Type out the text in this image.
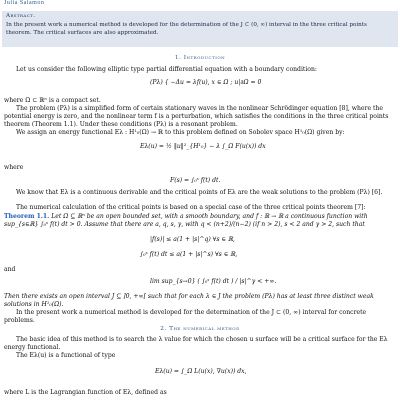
Julia Salamon
Abstract.
In the present work a numerical method is developed for the determination of the J ⊂ (0, ∞) interval in the three critical points theorem. The critical surfaces are also approximated.
1. Introduction
Let us consider the following elliptic type partial differential equation with a boundary condition:
(Pλ) { −Δu = λf(u), x ∈ Ω ; u|∂Ω = 0
where Ω ⊂ ℝⁿ is a compact set.
The problem (Pλ) is a simplified form of certain stationary waves in the nonlinear Schrödinger equation [8], where the potential energy is zero, and the nonlinear term f is a perturbation, which satisfies the conditions in the three critical points theorem (Theorem 1.1). Under these conditions (Pλ) is a resonant problem.
We assign an energy functional Eλ : H¹₀(Ω) → ℝ to this problem defined on Sobolev space H¹₀(Ω) given by:
Eλ(u) = ½ ‖u‖²_{H¹₀} − λ ∫_Ω F(u(x)) dx
where
F(s) = ∫₀ˢ f(t) dt.
We know that Eλ is a continuous derivable and the critical points of Eλ are the weak solutions to the problem (Pλ) [6].
The numerical calculation of the critical points is based on a special case of the three critical points theorem [7]:
Theorem 1.1. Let Ω ⊆ ℝⁿ be an open bounded set, with a smooth boundary, and f : ℝ → ℝ a continuous function with sup_{s∈ℝ} ∫₀ˢ f(t) dt > 0. Assume that there are a, q, s, γ, with q < (n+2)/(n−2) (if n > 2), s < 2 and γ > 2, such that
|f(s)| ≤ a(1 + |s|^q) ∀s ∈ ℝ,
∫₀ˢ f(t) dt ≤ a(1 + |s|^s) ∀s ∈ ℝ,
and
lim sup_{s→0} ( ∫₀ˢ f(t) dt ) / |s|^γ < +∞.
Then there exists an open interval J ⊆ ]0, +∞[ such that for each λ ∈ J the problem (Pλ) has at least three distinct weak solutions in H¹₀(Ω).
In the present work a numerical method is developed for the determination of the J ⊂ (0, ∞) interval for concrete problems.
2. The numerical method
The basic idea of this method is to search the λ value for which the chosen u surface will be a critical surface for the Eλ energy functional.
The Eλ(u) is a functional of type
Eλ(u) = ∫_Ω L(u(x), ∇u(x)) dx,
where L is the Lagrangian function of Eλ, defined as
